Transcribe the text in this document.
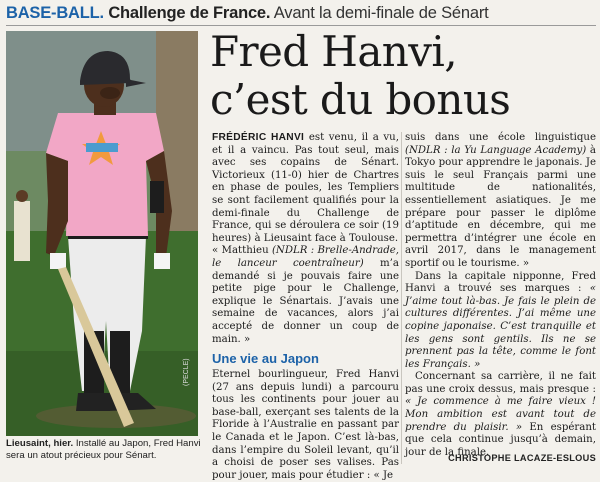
BASE-BALL. Challenge de France. Avant la demi-finale de Sénart
Lieusaint, hier. Installé au Japon, Fred Hanvi sera un atout précieux pour Sénart.
(PECLE)
Fred Hanvi,
c’est du bonus

FRÉDÉRIC HANVI est venu, il a vu, et il a vaincu. Pas tout seul, mais avec ses copains de Sénart. Victorieux (11-0) hier de Chartres en phase de poules, les Templiers se sont facilement qualifiés pour la demi-finale du Challenge de France, qui se déroulera ce soir (19 heures) à Lieusaint face à Toulouse.

« Matthieu (NDLR : Brelle-Andrade, le lanceur coentraîneur) m’a demandé si je pouvais faire une petite pige pour le Challenge, explique le Sénartais. J’avais une semaine de vacances, alors j’ai accepté de donner un coup de main. »

Une vie au Japon

Eternel bourlingueur, Fred Hanvi (27 ans depuis lundi) a parcouru tous les continents pour jouer au base-ball, exerçant ses talents de la Floride à l’Australie en passant par le Canada et le Japon. C’est là-bas, dans l’empire du Soleil levant, qu’il a choisi de poser ses valises. Pas pour jouer, mais pour étudier : « Je

suis dans une école linguistique (NDLR : la Yu Language Academy) à Tokyo pour apprendre le japonais. Je suis le seul Français parmi une multitude de nationalités, essentiellement asiatiques. Je me prépare pour passer le diplôme d’aptitude en décembre, qui me permettra d’intégrer une école en avril 2017, dans le management sportif ou le tourisme. »

Dans la capitale nipponne, Fred Hanvi a trouvé ses marques : « J’aime tout là-bas. Je fais le plein de cultures différentes. J’ai même une copine japonaise. C’est tranquille et les gens sont gentils. Ils ne se prennent pas la tête, comme le font les Français. »

Concernant sa carrière, il ne fait pas une croix dessus, mais presque : « Je commence à me faire vieux ! Mon ambition est avant tout de prendre du plaisir. » En espérant que cela continue jusqu’à demain, jour de la finale.

CHRISTOPHE LACAZE-ESLOUS
